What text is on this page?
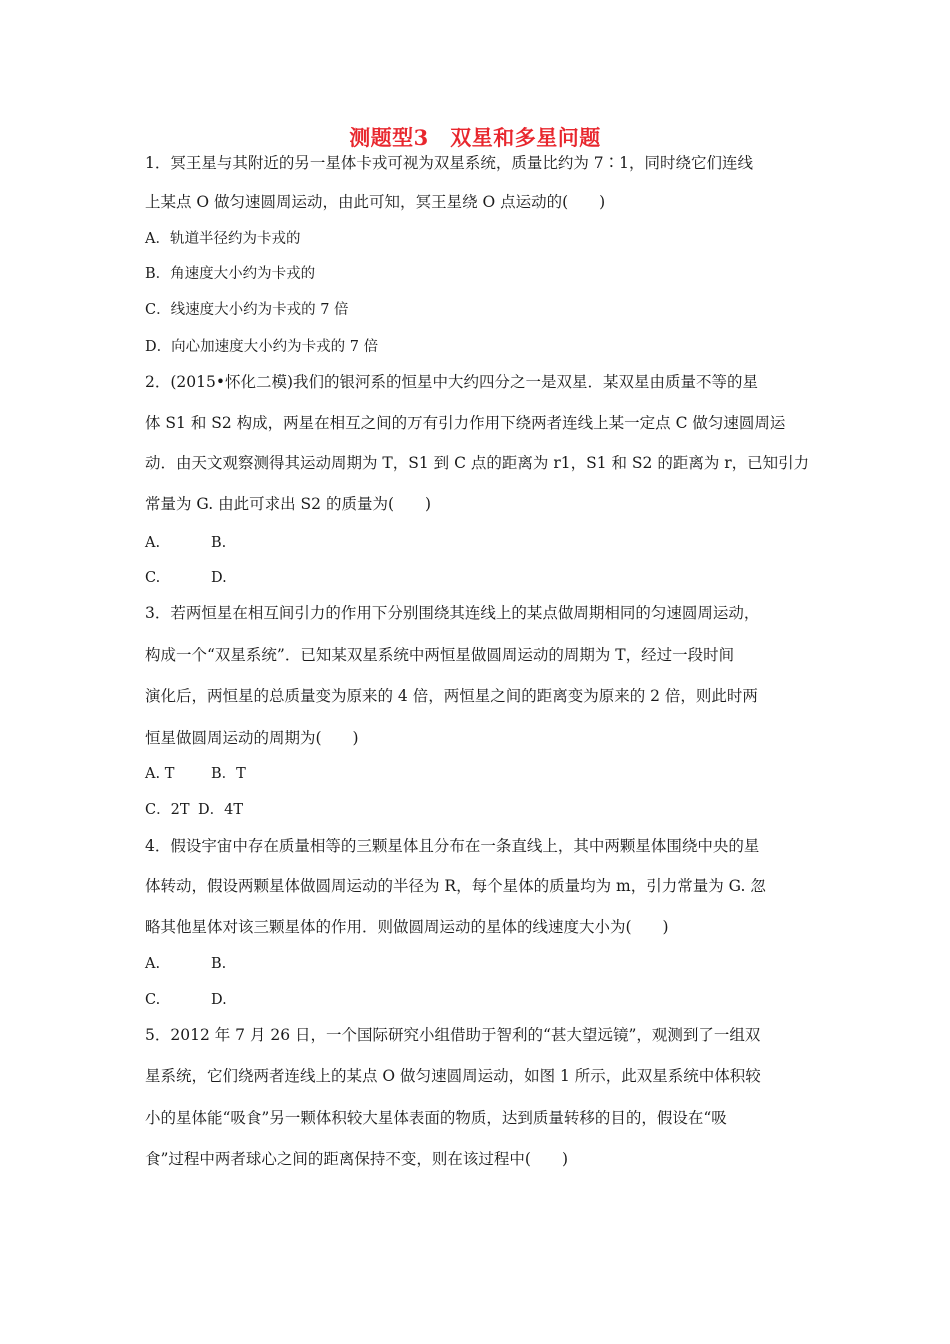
测题型3　双星和多星问题
1．冥王星与其附近的另一星体卡戎可视为双星系统，质量比约为 7∶1，同时绕它们连线
上某点 O 做匀速圆周运动，由此可知，冥王星绕 O 点运动的(　　)
A．轨道半径约为卡戎的
B．角速度大小约为卡戎的
C．线速度大小约为卡戎的 7 倍
D．向心加速度大小约为卡戎的 7 倍
2．(2015•怀化二模)我们的银河系的恒星中大约四分之一是双星．某双星由质量不等的星
体 S1 和 S2 构成，两星在相互之间的万有引力作用下绕两者连线上某一定点 C 做匀速圆周运
动．由天文观察测得其运动周期为 T，S1 到 C 点的距离为 r1，S1 和 S2 的距离为 r，已知引力
常量为 G. 由此可求出 S2 的质量为(　　)
A.	B.
C.	D.
3．若两恒星在相互间引力的作用下分别围绕其连线上的某点做周期相同的匀速圆周运动，
构成一个“双星系统”．已知某双星系统中两恒星做圆周运动的周期为 T，经过一段时间
演化后，两恒星的总质量变为原来的 4 倍，两恒星之间的距离变为原来的 2 倍，则此时两
恒星做圆周运动的周期为(　　)
A. T	B．T
C．2T D．4T
4．假设宇宙中存在质量相等的三颗星体且分布在一条直线上，其中两颗星体围绕中央的星
体转动，假设两颗星体做圆周运动的半径为 R，每个星体的质量均为 m，引力常量为 G. 忽
略其他星体对该三颗星体的作用．则做圆周运动的星体的线速度大小为(　　)
A.	B.
C.	D.
5．2012 年 7 月 26 日，一个国际研究小组借助于智利的“甚大望远镜”，观测到了一组双
星系统，它们绕两者连线上的某点 O 做匀速圆周运动，如图 1 所示，此双星系统中体积较
小的星体能“吸食”另一颗体积较大星体表面的物质，达到质量转移的目的，假设在“吸
食”过程中两者球心之间的距离保持不变，则在该过程中(　　)
